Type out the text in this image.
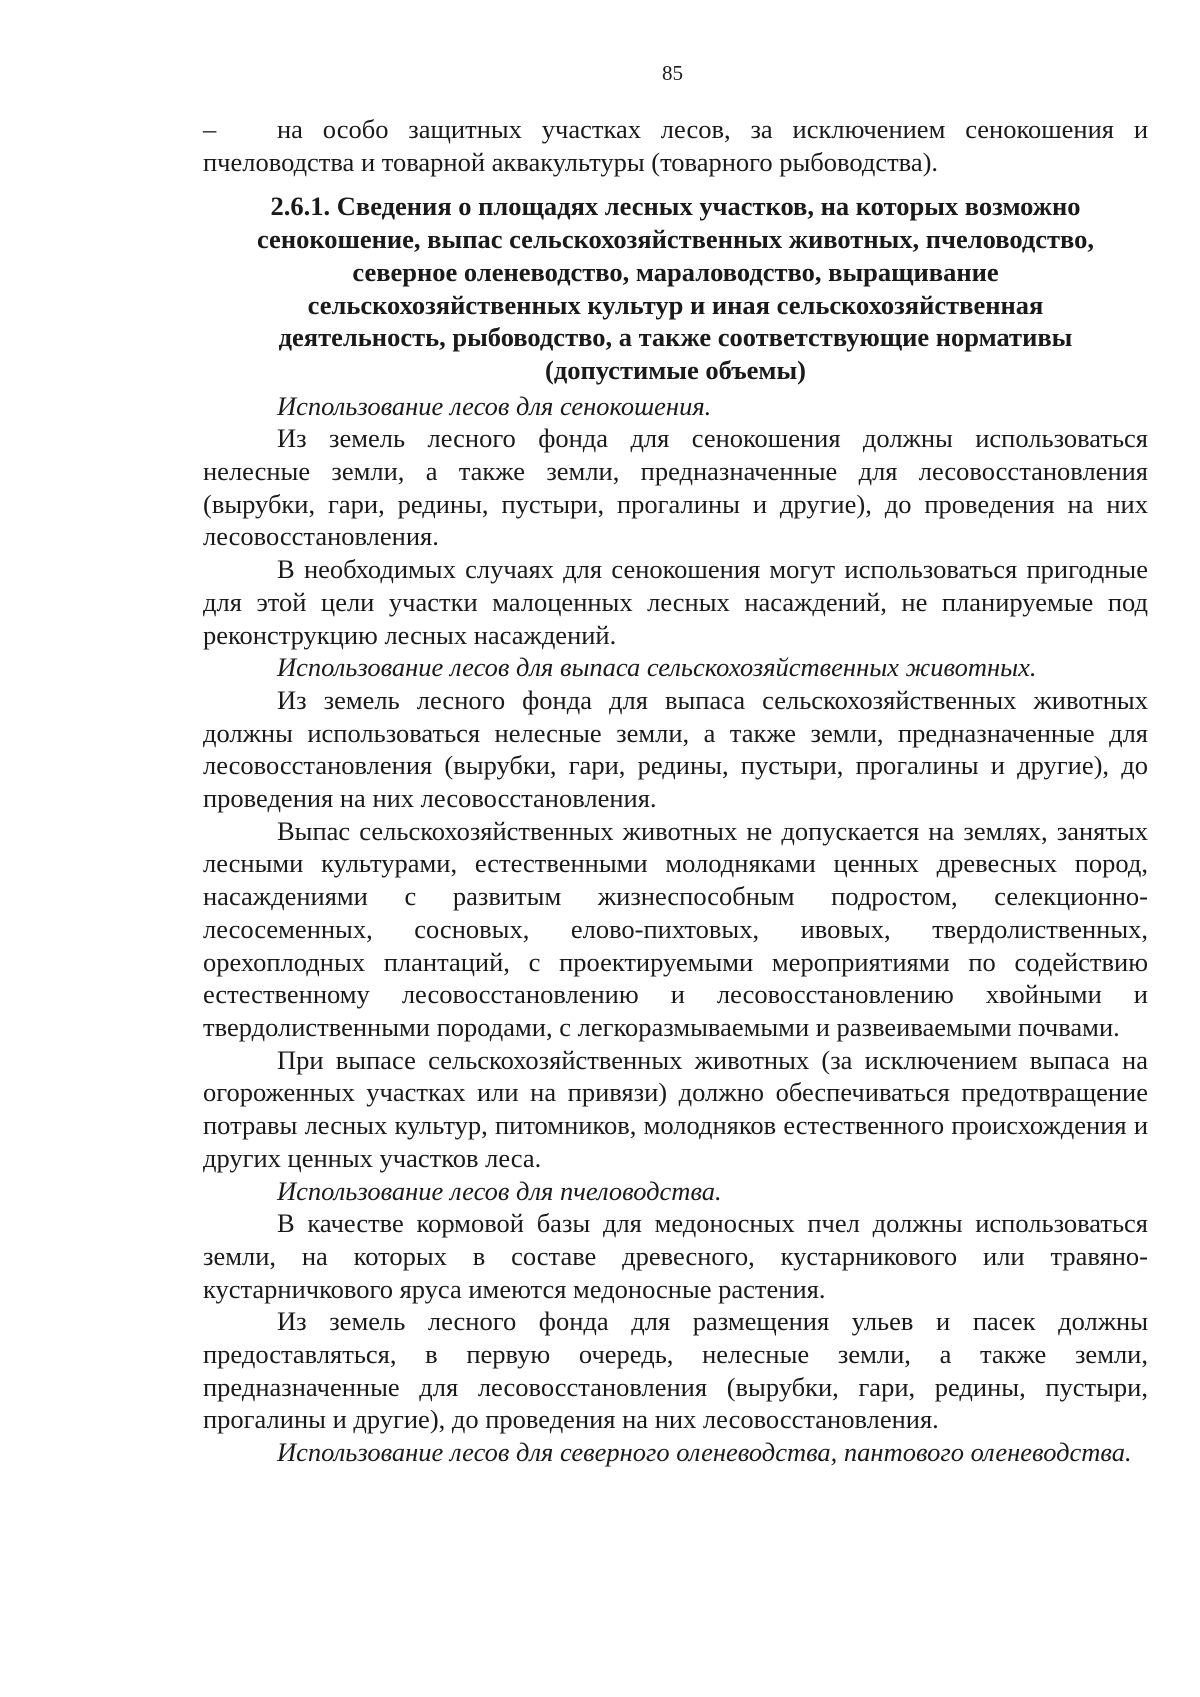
85

– на особо защитных участках лесов, за исключением сенокошения и пчеловодства и товарной аквакультуры (товарного рыбоводства).

2.6.1. Сведения о площадях лесных участков, на которых возможно
сенокошение, выпас сельскохозяйственных животных, пчеловодство,
северное оленеводство, мараловодство, выращивание
сельскохозяйственных культур и иная сельскохозяйственная
деятельность, рыбоводство, а также соответствующие нормативы
(допустимые объемы)

Использование лесов для сенокошения.

Из земель лесного фонда для сенокошения должны использоваться нелесные земли, а также земли, предназначенные для лесовосстановления (вырубки, гари, редины, пустыри, прогалины и другие), до проведения на них лесовосстановления.

В необходимых случаях для сенокошения могут использоваться пригодные для этой цели участки малоценных лесных насаждений, не планируемые под реконструкцию лесных насаждений.

Использование лесов для выпаса сельскохозяйственных животных.

Из земель лесного фонда для выпаса сельскохозяйственных животных должны использоваться нелесные земли, а также земли, предназначенные для лесовосстановления (вырубки, гари, редины, пустыри, прогалины и другие), до проведения на них лесовосстановления.

Выпас сельскохозяйственных животных не допускается на землях, занятых лесными культурами, естественными молодняками ценных древесных пород, насаждениями с развитым жизнеспособным подростом, селекционно-лесосеменных, сосновых, елово-пихтовых, ивовых, твердолиственных, орехоплодных плантаций, с проектируемыми мероприятиями по содействию естественному лесовосстановлению и лесовосстановлению хвойными и твердолиственными породами, с легкоразмываемыми и развеиваемыми почвами.

При выпасе сельскохозяйственных животных (за исключением выпаса на огороженных участках или на привязи) должно обеспечиваться предотвращение потравы лесных культур, питомников, молодняков естественного происхождения и других ценных участков леса.

Использование лесов для пчеловодства.

В качестве кормовой базы для медоносных пчел должны использоваться земли, на которых в составе древесного, кустарникового или травяно-кустарничкового яруса имеются медоносные растения.

Из земель лесного фонда для размещения ульев и пасек должны предоставляться, в первую очередь, нелесные земли, а также земли, предназначенные для лесовосстановления (вырубки, гари, редины, пустыри, прогалины и другие), до проведения на них лесовосстановления.

Использование лесов для северного оленеводства, пантового оленеводства.
